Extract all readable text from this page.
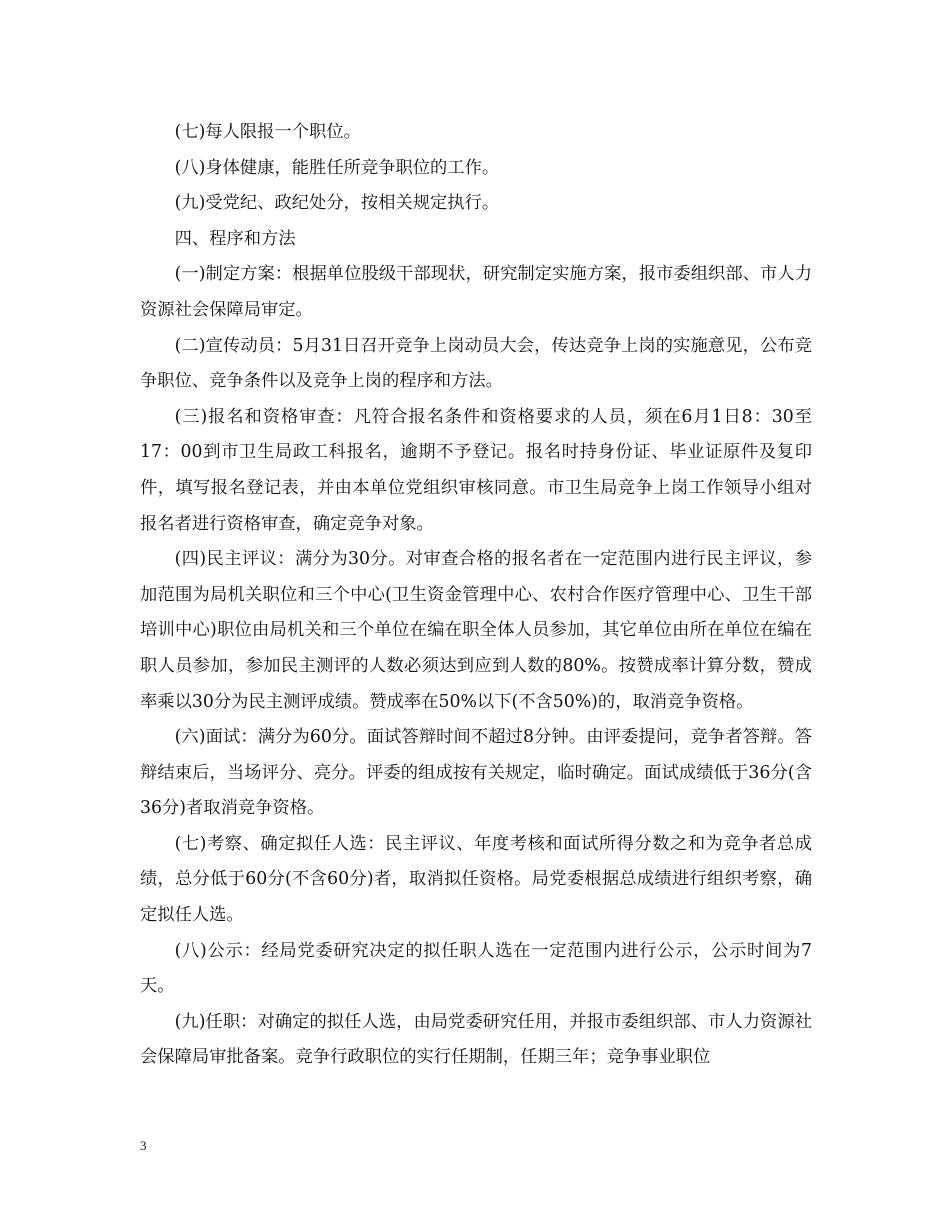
(七)每人限报一个职位。

(八)身体健康，能胜任所竞争职位的工作。

(九)受党纪、政纪处分，按相关规定执行。

四、程序和方法

(一)制定方案：根据单位股级干部现状，研究制定实施方案，报市委组织部、市人力资源社会保障局审定。

(二)宣传动员：5月31日召开竞争上岗动员大会，传达竞争上岗的实施意见，公布竞争职位、竞争条件以及竞争上岗的程序和方法。

(三)报名和资格审查：凡符合报名条件和资格要求的人员，须在6月1日8：30至17：00到市卫生局政工科报名，逾期不予登记。报名时持身份证、毕业证原件及复印件，填写报名登记表，并由本单位党组织审核同意。市卫生局竞争上岗工作领导小组对报名者进行资格审查，确定竞争对象。

(四)民主评议：满分为30分。对审查合格的报名者在一定范围内进行民主评议，参加范围为局机关职位和三个中心(卫生资金管理中心、农村合作医疗管理中心、卫生干部培训中心)职位由局机关和三个单位在编在职全体人员参加，其它单位由所在单位在编在职人员参加，参加民主测评的人数必须达到应到人数的80%。按赞成率计算分数，赞成率乘以30分为民主测评成绩。赞成率在50%以下(不含50%)的，取消竞争资格。

(六)面试：满分为60分。面试答辩时间不超过8分钟。由评委提问，竞争者答辩。答辩结束后，当场评分、亮分。评委的组成按有关规定，临时确定。面试成绩低于36分(含36分)者取消竞争资格。

(七)考察、确定拟任人选：民主评议、年度考核和面试所得分数之和为竞争者总成绩，总分低于60分(不含60分)者，取消拟任资格。局党委根据总成绩进行组织考察，确定拟任人选。

(八)公示：经局党委研究决定的拟任职人选在一定范围内进行公示，公示时间为7天。

(九)任职：对确定的拟任人选，由局党委研究任用，并报市委组织部、市人力资源社会保障局审批备案。竞争行政职位的实行任期制，任期三年；竞争事业职位

3
